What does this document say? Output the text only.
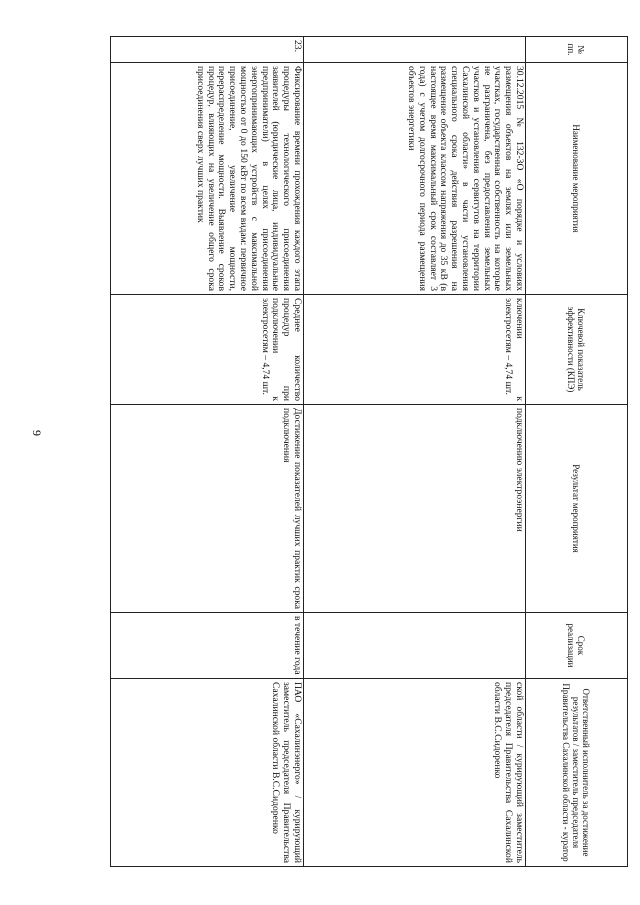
9
№ пп.	Наименование мероприятия	Ключевой показатель эффективности (КПЭ)	Результат мероприятия	Срок реализации	Ответственный исполнитель за достижение результатов / заместитель председателя Правительства Сахалинской области - куратор
	30.12.2015 № 132-ЗО «О порядке и условиях размещения объектов на землях или земельных участках, государственная собственность на которые не разграничена, без предоставления земельных участков и установления сервитутов на территории Сахалинской области» в части установления специального срока действия разрешения на размещение объекта классом напряжения до 35 кВ (в настоящее время максимальный срок составляет 3 года) с учетом долгосрочного периода размещения объектов энергетики	ключении к электросетям – 4,74 шт.	подключению электроэнергии		ской области / курирующий заместитель председателя Правительства Сахалинской области В.С.Сидоренко
23.	Фиксирование времени прохождения каждого этапа процедуры технологического присоединения заявителей (юридические лица, индивидуальные предприниматели) в целях присоединения энергопринимающих устройств с максимальной мощностью от 0 до 150 кВт по всем видам: первичное присоединение, увеличение мощности, перераспределение мощности. Выявление сроков процедур, влияющих на увеличение общего срока присоединения сверх лучших практик	Среднее количество процедур при подключении к электросетям – 4,74 шт.	Достижение показателей лучших практик срока подключения	в течение года	ПАО «Сахалинэнерго» / курирующий заместитель председателя Правительства Сахалинской области В.С.Сидоренко
